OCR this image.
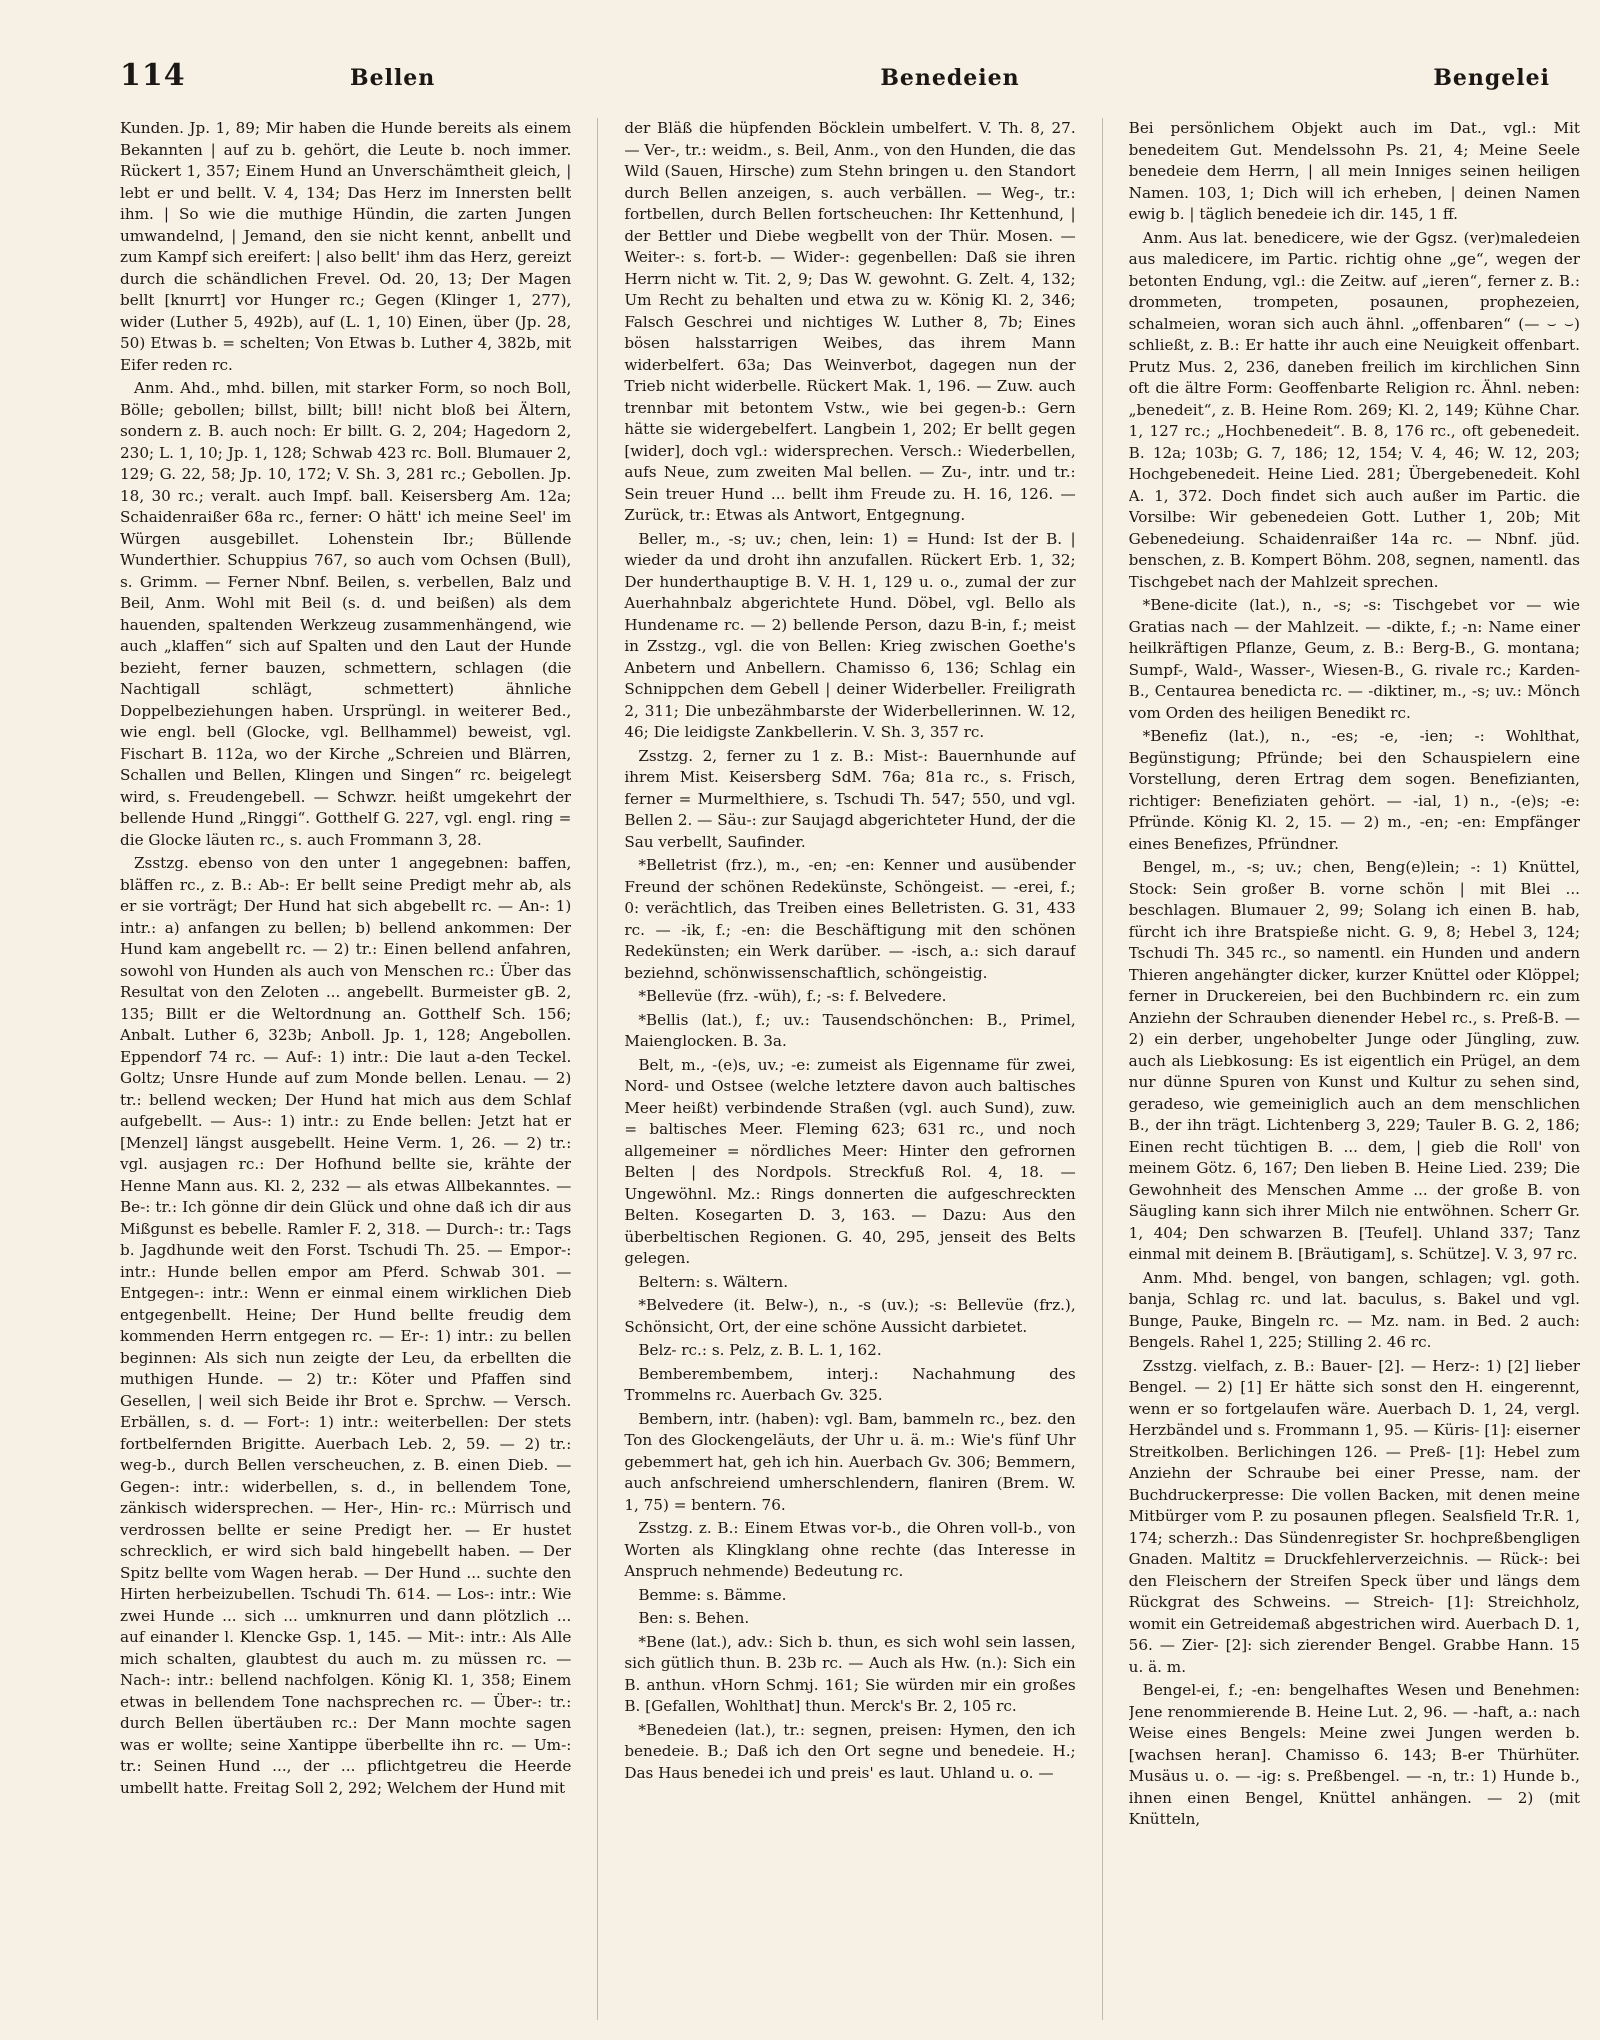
114	Bellen	Benedeien	Bengelei

Kunden. Jp. 1, 89; Mir haben die Hunde bereits als einem Bekannten | auf zu b. gehört, die Leute b. noch immer. Rückert 1, 357; Einem Hund an Unverschämtheit gleich, | lebt er und bellt. V. 4, 134; Das Herz im Innersten bellt ihm. | So wie die muthige Hündin, die zarten Jungen umwandelnd, | Jemand, den sie nicht kennt, anbellt und zum Kampf sich ereifert: | also bellt' ihm das Herz, gereizt durch die schändlichen Frevel. Od. 20, 13; Der Magen bellt [knurrt] vor Hunger rc.; Gegen (Klinger 1, 277), wider (Luther 5, 492b), auf (L. 1, 10) Einen, über (Jp. 28, 50) Etwas b. = schelten; Von Etwas b. Luther 4, 382b, mit Eifer reden rc.

Anm. Ahd., mhd. billen, mit starker Form, so noch Boll, Bölle; gebollen; billst, billt; bill! nicht bloß bei Ältern, sondern z. B. auch noch: Er billt. G. 2, 204; Hagedorn 2, 230; L. 1, 10; Jp. 1, 128; Schwab 423 rc. Boll. Blumauer 2, 129; G. 22, 58; Jp. 10, 172; V. Sh. 3, 281 rc.; Gebollen. Jp. 18, 30 rc.; veralt. auch Impf. ball. Keisersberg Am. 12a; Schaidenraißer 68a rc., ferner: O hätt' ich meine Seel' im Würgen ausgebillet. Lohenstein Ibr.; Büllende Wunderthier. Schuppius 767, so auch vom Ochsen (Bull), s. Grimm. — Ferner Nbnf. Beilen, s. verbellen, Balz und Beil, Anm. Wohl mit Beil (s. d. und beißen) als dem hauenden, spaltenden Werkzeug zusammenhängend, wie auch „klaffen“ sich auf Spalten und den Laut der Hunde bezieht, ferner bauzen, schmettern, schlagen (die Nachtigall schlägt, schmettert) ähnliche Doppelbeziehungen haben. Ursprüngl. in weiterer Bed., wie engl. bell (Glocke, vgl. Bellhammel) beweist, vgl. Fischart B. 112a, wo der Kirche „Schreien und Blärren, Schallen und Bellen, Klingen und Singen“ rc. beigelegt wird, s. Freudengebell. — Schwzr. heißt umgekehrt der bellende Hund „Ringgi“. Gotthelf G. 227, vgl. engl. ring = die Glocke läuten rc., s. auch Frommann 3, 28.

Zsstzg. ebenso von den unter 1 angegebnen: baffen, bläffen rc., z. B.: Ab-: Er bellt seine Predigt mehr ab, als er sie vorträgt; Der Hund hat sich abgebellt rc. — An-: 1) intr.: a) anfangen zu bellen; b) bellend ankommen: Der Hund kam angebellt rc. — 2) tr.: Einen bellend anfahren, sowohl von Hunden als auch von Menschen rc.: Über das Resultat von den Zeloten ... angebellt. Burmeister gB. 2, 135; Billt er die Weltordnung an. Gotthelf Sch. 156; Anbalt. Luther 6, 323b; Anboll. Jp. 1, 128; Angebollen. Eppendorf 74 rc. — Auf-: 1) intr.: Die laut a-den Teckel. Goltz; Unsre Hunde auf zum Monde bellen. Lenau. — 2) tr.: bellend wecken; Der Hund hat mich aus dem Schlaf aufgebellt. — Aus-: 1) intr.: zu Ende bellen: Jetzt hat er [Menzel] längst ausgebellt. Heine Verm. 1, 26. — 2) tr.: vgl. ausjagen rc.: Der Hofhund bellte sie, krähte der Henne Mann aus. Kl. 2, 232 — als etwas Allbekanntes. — Be-: tr.: Ich gönne dir dein Glück und ohne daß ich dir aus Mißgunst es bebelle. Ramler F. 2, 318. — Durch-: tr.: Tags b. Jagdhunde weit den Forst. Tschudi Th. 25. — Empor-: intr.: Hunde bellen empor am Pferd. Schwab 301. — Entgegen-: intr.: Wenn er einmal einem wirklichen Dieb entgegenbellt. Heine; Der Hund bellte freudig dem kommenden Herrn entgegen rc. — Er-: 1) intr.: zu bellen beginnen: Als sich nun zeigte der Leu, da erbellten die muthigen Hunde. — 2) tr.: Köter und Pfaffen sind Gesellen, | weil sich Beide ihr Brot e. Sprchw. — Versch. Erbällen, s. d. — Fort-: 1) intr.: weiterbellen: Der stets fortbelfernden Brigitte. Auerbach Leb. 2, 59. — 2) tr.: weg-b., durch Bellen verscheuchen, z. B. einen Dieb. — Gegen-: intr.: widerbellen, s. d., in bellendem Tone, zänkisch widersprechen. — Her-, Hin- rc.: Mürrisch und verdrossen bellte er seine Predigt her. — Er hustet schrecklich, er wird sich bald hingebellt haben. — Der Spitz bellte vom Wagen herab. — Der Hund ... suchte den Hirten herbeizubellen. Tschudi Th. 614. — Los-: intr.: Wie zwei Hunde ... sich ... umknurren und dann plötzlich ... auf einander l. Klencke Gsp. 1, 145. — Mit-: intr.: Als Alle mich schalten, glaubtest du auch m. zu müssen rc. — Nach-: intr.: bellend nachfolgen. König Kl. 1, 358; Einem etwas in bellendem Tone nachsprechen rc. — Über-: tr.: durch Bellen übertäuben rc.: Der Mann mochte sagen was er wollte; seine Xantippe überbellte ihn rc. — Um-: tr.: Seinen Hund ..., der ... pflichtgetreu die Heerde umbellt hatte. Freitag Soll 2, 292; Welchem der Hund mit

der Bläß die hüpfenden Böcklein umbelfert. V. Th. 8, 27. — Ver-, tr.: weidm., s. Beil, Anm., von den Hunden, die das Wild (Sauen, Hirsche) zum Stehn bringen u. den Standort durch Bellen anzeigen, s. auch verbällen. — Weg-, tr.: fortbellen, durch Bellen fortscheuchen: Ihr Kettenhund, | der Bettler und Diebe wegbellt von der Thür. Mosen. — Weiter-: s. fort-b. — Wider-: gegenbellen: Daß sie ihren Herrn nicht w. Tit. 2, 9; Das W. gewohnt. G. Zelt. 4, 132; Um Recht zu behalten und etwa zu w. König Kl. 2, 346; Falsch Geschrei und nichtiges W. Luther 8, 7b; Eines bösen halsstarrigen Weibes, das ihrem Mann widerbelfert. 63a; Das Weinverbot, dagegen nun der Trieb nicht widerbelle. Rückert Mak. 1, 196. — Zuw. auch trennbar mit betontem Vstw., wie bei gegen-b.: Gern hätte sie widergebelfert. Langbein 1, 202; Er bellt gegen [wider], doch vgl.: widersprechen. Versch.: Wiederbellen, aufs Neue, zum zweiten Mal bellen. — Zu-, intr. und tr.: Sein treuer Hund ... bellt ihm Freude zu. H. 16, 126. — Zurück, tr.: Etwas als Antwort, Entgegnung.

Beller, m., -s; uv.; chen, lein: 1) = Hund: Ist der B. | wieder da und droht ihn anzufallen. Rückert Erb. 1, 32; Der hunderthauptige B. V. H. 1, 129 u. o., zumal der zur Auerhahnbalz abgerichtete Hund. Döbel, vgl. Bello als Hundename rc. — 2) bellende Person, dazu B-in, f.; meist in Zsstzg., vgl. die von Bellen: Krieg zwischen Goethe's Anbetern und Anbellern. Chamisso 6, 136; Schlag ein Schnippchen dem Gebell | deiner Widerbeller. Freiligrath 2, 311; Die unbezähmbarste der Widerbellerinnen. W. 12, 46; Die leidigste Zankbellerin. V. Sh. 3, 357 rc.

Zsstzg. 2, ferner zu 1 z. B.: Mist-: Bauernhunde auf ihrem Mist. Keisersberg SdM. 76a; 81a rc., s. Frisch, ferner = Murmelthiere, s. Tschudi Th. 547; 550, und vgl. Bellen 2. — Säu-: zur Saujagd abgerichteter Hund, der die Sau verbellt, Saufinder.

*Belletrist (frz.), m., -en; -en: Kenner und ausübender Freund der schönen Redekünste, Schöngeist. — -erei, f.; 0: verächtlich, das Treiben eines Belletristen. G. 31, 433 rc. — -ik, f.; -en: die Beschäftigung mit den schönen Redekünsten; ein Werk darüber. — -isch, a.: sich darauf beziehnd, schönwissenschaftlich, schöngeistig.

*Bellevüe (frz. -wüh), f.; -s: f. Belvedere.

*Bellis (lat.), f.; uv.: Tausendschönchen: B., Primel, Maienglocken. B. 3a.

Belt, m., -(e)s, uv.; -e: zumeist als Eigenname für zwei, Nord- und Ostsee (welche letztere davon auch baltisches Meer heißt) verbindende Straßen (vgl. auch Sund), zuw. = baltisches Meer. Fleming 623; 631 rc., und noch allgemeiner = nördliches Meer: Hinter den gefrornen Belten | des Nordpols. Streckfuß Rol. 4, 18. — Ungewöhnl. Mz.: Rings donnerten die aufgeschreckten Belten. Kosegarten D. 3, 163. — Dazu: Aus den überbeltischen Regionen. G. 40, 295, jenseit des Belts gelegen.

Beltern: s. Wältern.

*Belvedere (it. Belw-), n., -s (uv.); -s: Bellevüe (frz.), Schönsicht, Ort, der eine schöne Aussicht darbietet.

Belz- rc.: s. Pelz, z. B. L. 1, 162.

Bemberembembem, interj.: Nachahmung des Trommelns rc. Auerbach Gv. 325.

Bembern, intr. (haben): vgl. Bam, bammeln rc., bez. den Ton des Glockengeläuts, der Uhr u. ä. m.: Wie's fünf Uhr gebemmert hat, geh ich hin. Auerbach Gv. 306; Bemmern, auch anfschreiend umherschlendern, flaniren (Brem. W. 1, 75) = bentern. 76.

Zsstzg. z. B.: Einem Etwas vor-b., die Ohren voll-b., von Worten als Klingklang ohne rechte (das Interesse in Anspruch nehmende) Bedeutung rc.

Bemme: s. Bämme.

Ben: s. Behen.

*Bene (lat.), adv.: Sich b. thun, es sich wohl sein lassen, sich gütlich thun. B. 23b rc. — Auch als Hw. (n.): Sich ein B. anthun. vHorn Schmj. 161; Sie würden mir ein großes B. [Gefallen, Wohlthat] thun. Merck's Br. 2, 105 rc.

*Benedeien (lat.), tr.: segnen, preisen: Hymen, den ich benedeie. B.; Daß ich den Ort segne und benedeie. H.; Das Haus benedei ich und preis' es laut. Uhland u. o. —

Bei persönlichem Objekt auch im Dat., vgl.: Mit benedeitem Gut. Mendelssohn Ps. 21, 4; Meine Seele benedeie dem Herrn, | all mein Inniges seinen heiligen Namen. 103, 1; Dich will ich erheben, | deinen Namen ewig b. | täglich benedeie ich dir. 145, 1 ff.

Anm. Aus lat. benedicere, wie der Ggsz. (ver)maledeien aus maledicere, im Partic. richtig ohne „ge“, wegen der betonten Endung, vgl.: die Zeitw. auf „ieren“, ferner z. B.: drommeten, trompeten, posaunen, prophezeien, schalmeien, woran sich auch ähnl. „offenbaren“ (— ⌣ ⌣) schließt, z. B.: Er hatte ihr auch eine Neuigkeit offenbart. Prutz Mus. 2, 236, daneben freilich im kirchlichen Sinn oft die ältre Form: Geoffenbarte Religion rc. Ähnl. neben: „benedeit“, z. B. Heine Rom. 269; Kl. 2, 149; Kühne Char. 1, 127 rc.; „Hochbenedeit“. B. 8, 176 rc., oft gebenedeit. B. 12a; 103b; G. 7, 186; 12, 154; V. 4, 46; W. 12, 203; Hochgebenedeit. Heine Lied. 281; Übergebenedeit. Kohl A. 1, 372. Doch findet sich auch außer im Partic. die Vorsilbe: Wir gebenedeien Gott. Luther 1, 20b; Mit Gebenedeiung. Schaidenraißer 14a rc. — Nbnf. jüd. benschen, z. B. Kompert Böhm. 208, segnen, namentl. das Tischgebet nach der Mahlzeit sprechen.

*Bene-dicite (lat.), n., -s; -s: Tischgebet vor — wie Gratias nach — der Mahlzeit. — -dikte, f.; -n: Name einer heilkräftigen Pflanze, Geum, z. B.: Berg-B., G. montana; Sumpf-, Wald-, Wasser-, Wiesen-B., G. rivale rc.; Karden-B., Centaurea benedicta rc. — -diktiner, m., -s; uv.: Mönch vom Orden des heiligen Benedikt rc.

*Benefiz (lat.), n., -es; -e, -ien; -: Wohlthat, Begünstigung; Pfründe; bei den Schauspielern eine Vorstellung, deren Ertrag dem sogen. Benefizianten, richtiger: Benefiziaten gehört. — -ial, 1) n., -(e)s; -e: Pfründe. König Kl. 2, 15. — 2) m., -en; -en: Empfänger eines Benefizes, Pfründner.

Bengel, m., -s; uv.; chen, Beng(e)lein; -: 1) Knüttel, Stock: Sein großer B. vorne schön | mit Blei ... beschlagen. Blumauer 2, 99; Solang ich einen B. hab, fürcht ich ihre Bratspieße nicht. G. 9, 8; Hebel 3, 124; Tschudi Th. 345 rc., so namentl. ein Hunden und andern Thieren angehängter dicker, kurzer Knüttel oder Klöppel; ferner in Druckereien, bei den Buchbindern rc. ein zum Anziehn der Schrauben dienender Hebel rc., s. Preß-B. — 2) ein derber, ungehobelter Junge oder Jüngling, zuw. auch als Liebkosung: Es ist eigentlich ein Prügel, an dem nur dünne Spuren von Kunst und Kultur zu sehen sind, geradeso, wie gemeiniglich auch an dem menschlichen B., der ihn trägt. Lichtenberg 3, 229; Tauler B. G. 2, 186; Einen recht tüchtigen B. ... dem, | gieb die Roll' von meinem Götz. 6, 167; Den lieben B. Heine Lied. 239; Die Gewohnheit des Menschen Amme ... der große B. von Säugling kann sich ihrer Milch nie entwöhnen. Scherr Gr. 1, 404; Den schwarzen B. [Teufel]. Uhland 337; Tanz einmal mit deinem B. [Bräutigam], s. Schütze]. V. 3, 97 rc.

Anm. Mhd. bengel, von bangen, schlagen; vgl. goth. banja, Schlag rc. und lat. baculus, s. Bakel und vgl. Bunge, Pauke, Bingeln rc. — Mz. nam. in Bed. 2 auch: Bengels. Rahel 1, 225; Stilling 2. 46 rc.

Zsstzg. vielfach, z. B.: Bauer- [2]. — Herz-: 1) [2] lieber Bengel. — 2) [1] Er hätte sich sonst den H. eingerennt, wenn er so fortgelaufen wäre. Auerbach D. 1, 24, vergl. Herzbändel und s. Frommann 1, 95. — Küris- [1]: eiserner Streitkolben. Berlichingen 126. — Preß- [1]: Hebel zum Anziehn der Schraube bei einer Presse, nam. der Buchdruckerpresse: Die vollen Backen, mit denen meine Mitbürger vom P. zu posaunen pflegen. Sealsfield Tr.R. 1, 174; scherzh.: Das Sündenregister Sr. hochpreßbengligen Gnaden. Maltitz = Druckfehlerverzeichnis. — Rück-: bei den Fleischern der Streifen Speck über und längs dem Rückgrat des Schweins. — Streich- [1]: Streichholz, womit ein Getreidemaß abgestrichen wird. Auerbach D. 1, 56. — Zier- [2]: sich zierender Bengel. Grabbe Hann. 15 u. ä. m.

Bengel-ei, f.; -en: bengelhaftes Wesen und Benehmen: Jene renommierende B. Heine Lut. 2, 96. — -haft, a.: nach Weise eines Bengels: Meine zwei Jungen werden b. [wachsen heran]. Chamisso 6. 143; B-er Thürhüter. Musäus u. o. — -ig: s. Preßbengel. — -n, tr.: 1) Hunde b., ihnen einen Bengel, Knüttel anhängen. — 2) (mit Knütteln,
